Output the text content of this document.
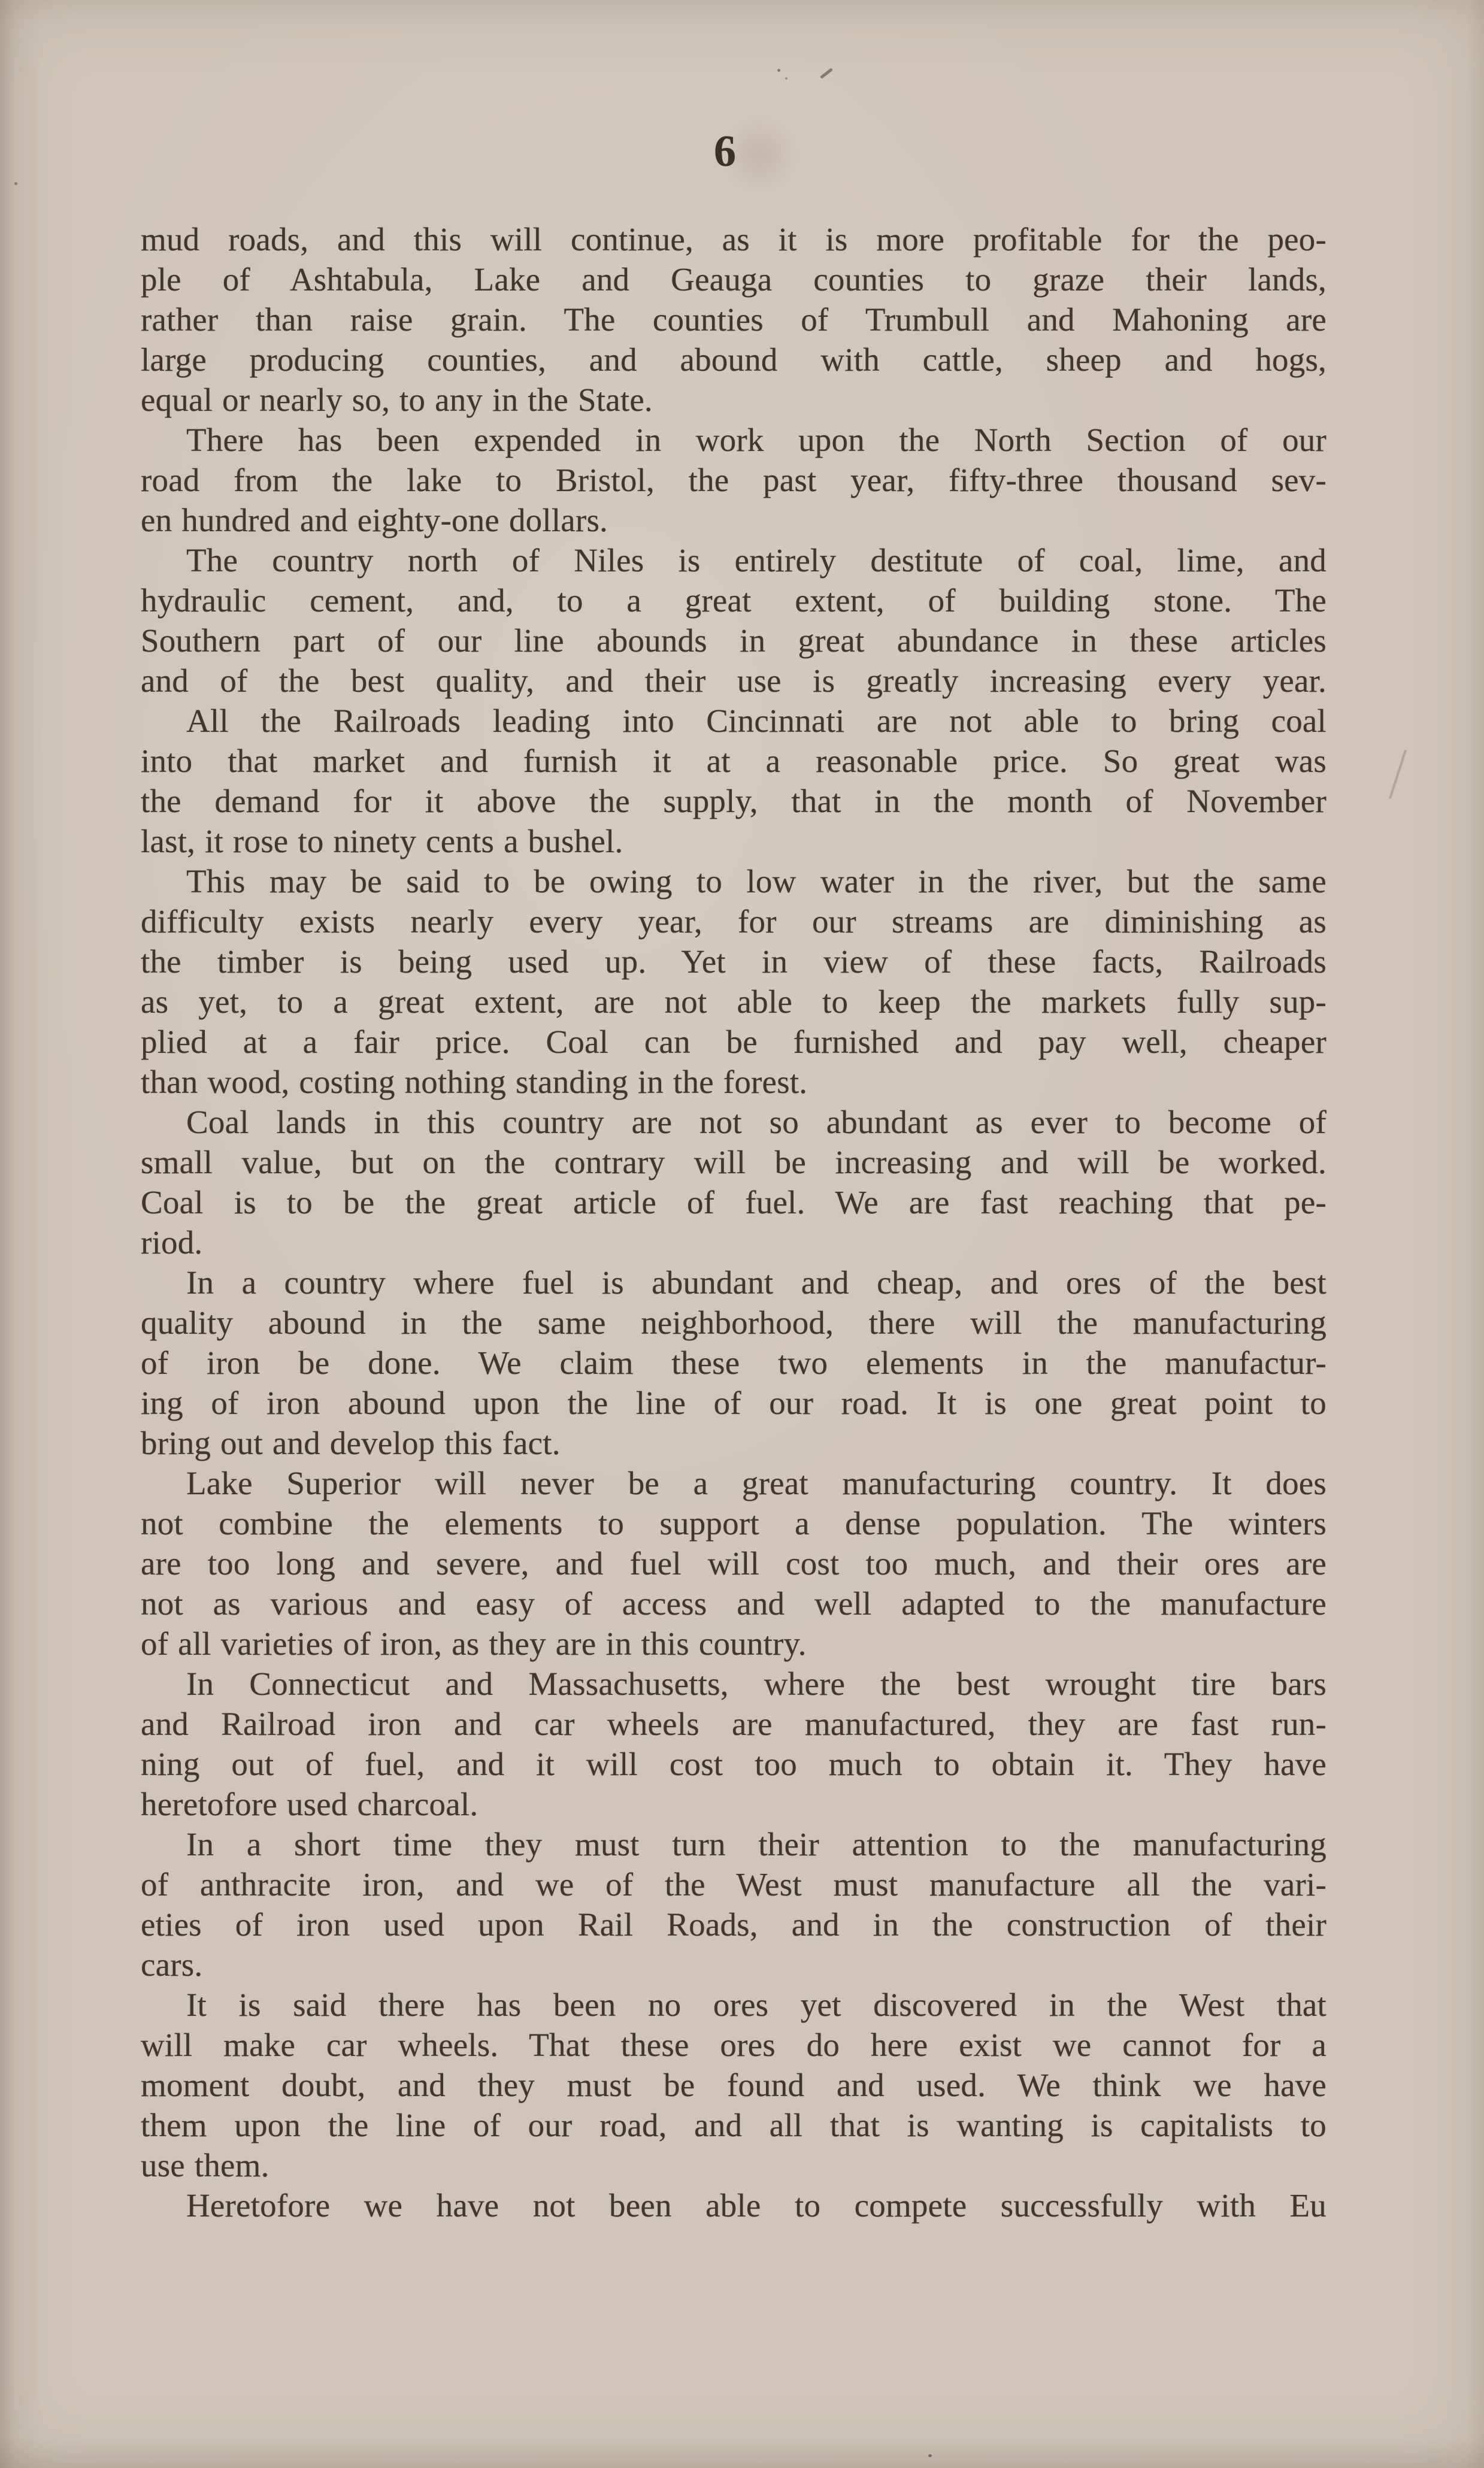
6
mud roads, and this will continue, as it is more profitable for the peo-
ple of Ashtabula, Lake and Geauga counties to graze their lands,
rather than raise grain. The counties of Trumbull and Mahoning are
large producing counties, and abound with cattle, sheep and hogs,
equal or nearly so, to any in the State.
There has been expended in work upon the North Section of our
road from the lake to Bristol, the past year, fifty-three thousand sev-
en hundred and eighty-one dollars.
The country north of Niles is entirely destitute of coal, lime, and
hydraulic cement, and, to a great extent, of building stone. The
Southern part of our line abounds in great abundance in these articles
and of the best quality, and their use is greatly increasing every year.
All the Railroads leading into Cincinnati are not able to bring coal
into that market and furnish it at a reasonable price. So great was
the demand for it above the supply, that in the month of November
last, it rose to ninety cents a bushel.
This may be said to be owing to low water in the river, but the same
difficulty exists nearly every year, for our streams are diminishing as
the timber is being used up. Yet in view of these facts, Railroads
as yet, to a great extent, are not able to keep the markets fully sup-
plied at a fair price. Coal can be furnished and pay well, cheaper
than wood, costing nothing standing in the forest.
Coal lands in this country are not so abundant as ever to become of
small value, but on the contrary will be increasing and will be worked.
Coal is to be the great article of fuel. We are fast reaching that pe-
riod.
In a country where fuel is abundant and cheap, and ores of the best
quality abound in the same neighborhood, there will the manufacturing
of iron be done. We claim these two elements in the manufactur-
ing of iron abound upon the line of our road. It is one great point to
bring out and develop this fact.
Lake Superior will never be a great manufacturing country. It does
not combine the elements to support a dense population. The winters
are too long and severe, and fuel will cost too much, and their ores are
not as various and easy of access and well adapted to the manufacture
of all varieties of iron, as they are in this country.
In Connecticut and Massachusetts, where the best wrought tire bars
and Railroad iron and car wheels are manufactured, they are fast run-
ning out of fuel, and it will cost too much to obtain it. They have
heretofore used charcoal.
In a short time they must turn their attention to the manufacturing
of anthracite iron, and we of the West must manufacture all the vari-
eties of iron used upon Rail Roads, and in the construction of their
cars.
It is said there has been no ores yet discovered in the West that
will make car wheels. That these ores do here exist we cannot for a
moment doubt, and they must be found and used. We think we have
them upon the line of our road, and all that is wanting is capitalists to
use them.
Heretofore we have not been able to compete successfully with Eu
